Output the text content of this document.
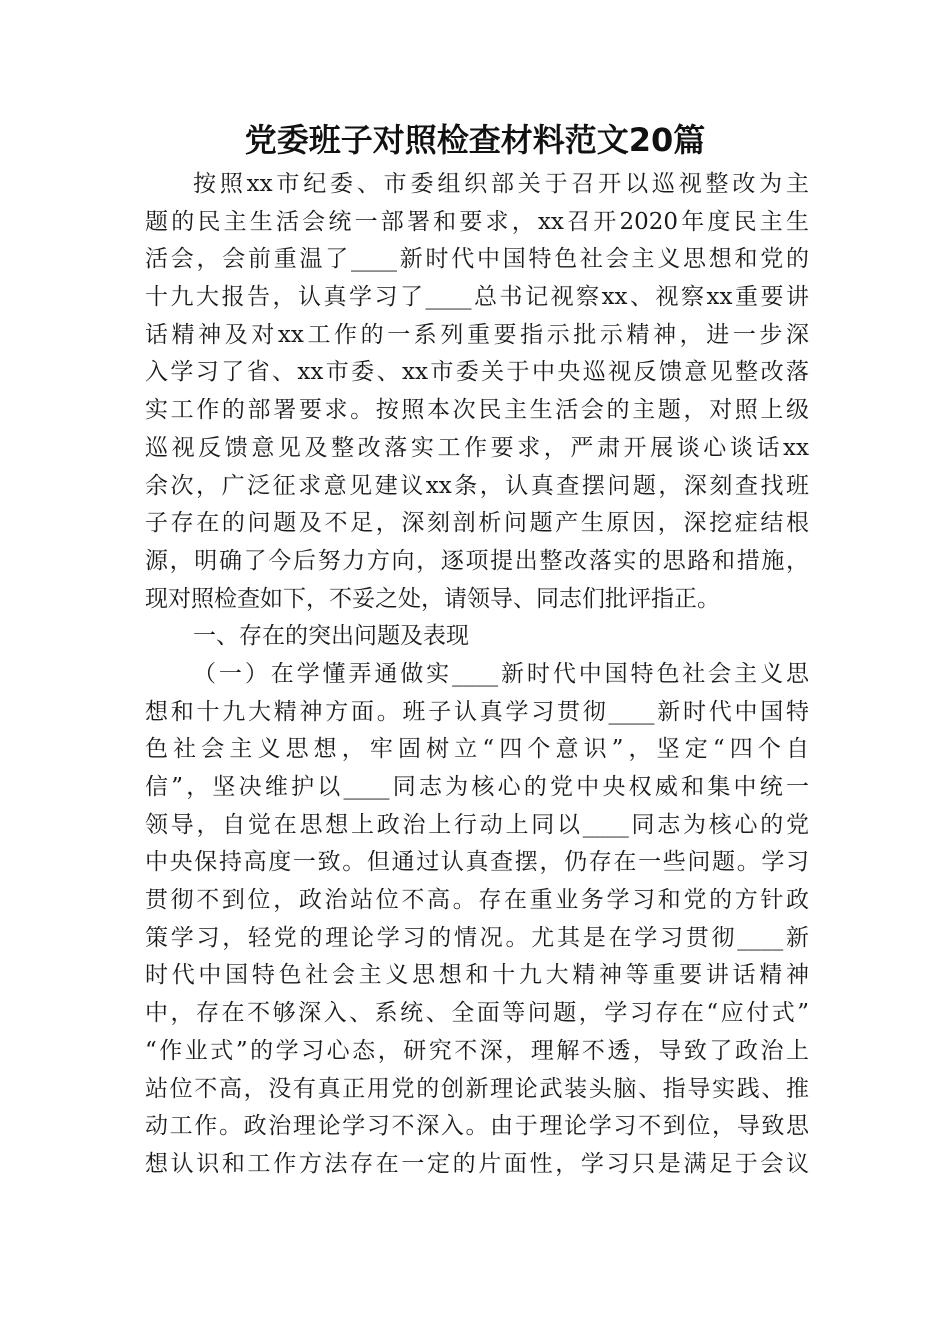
党委班子对照检查材料范文20篇
按照xx市纪委、市委组织部关于召开以巡视整改为主
题的民主生活会统一部署和要求，xx召开2020年度民主生
活会，会前重温了____新时代中国特色社会主义思想和党的
十九大报告，认真学习了____总书记视察xx、视察xx重要讲
话精神及对xx工作的一系列重要指示批示精神，进一步深
入学习了省、xx市委、xx市委关于中央巡视反馈意见整改落
实工作的部署要求。按照本次民主生活会的主题，对照上级
巡视反馈意见及整改落实工作要求，严肃开展谈心谈话xx
余次，广泛征求意见建议xx条，认真查摆问题，深刻查找班
子存在的问题及不足，深刻剖析问题产生原因，深挖症结根
源，明确了今后努力方向，逐项提出整改落实的思路和措施，
现对照检查如下，不妥之处，请领导、同志们批评指正。
一、存在的突出问题及表现
（一）在学懂弄通做实____新时代中国特色社会主义思
想和十九大精神方面。班子认真学习贯彻____新时代中国特
色社会主义思想，牢固树立“四个意识”，坚定“四个自
信”，坚决维护以____同志为核心的党中央权威和集中统一
领导，自觉在思想上政治上行动上同以____同志为核心的党
中央保持高度一致。但通过认真查摆，仍存在一些问题。学习
贯彻不到位，政治站位不高。存在重业务学习和党的方针政
策学习，轻党的理论学习的情况。尤其是在学习贯彻____新
时代中国特色社会主义思想和十九大精神等重要讲话精神
中，存在不够深入、系统、全面等问题，学习存在“应付式”
“作业式”的学习心态，研究不深，理解不透，导致了政治上
站位不高，没有真正用党的创新理论武装头脑、指导实践、推
动工作。政治理论学习不深入。由于理论学习不到位，导致思
想认识和工作方法存在一定的片面性，学习只是满足于会议
